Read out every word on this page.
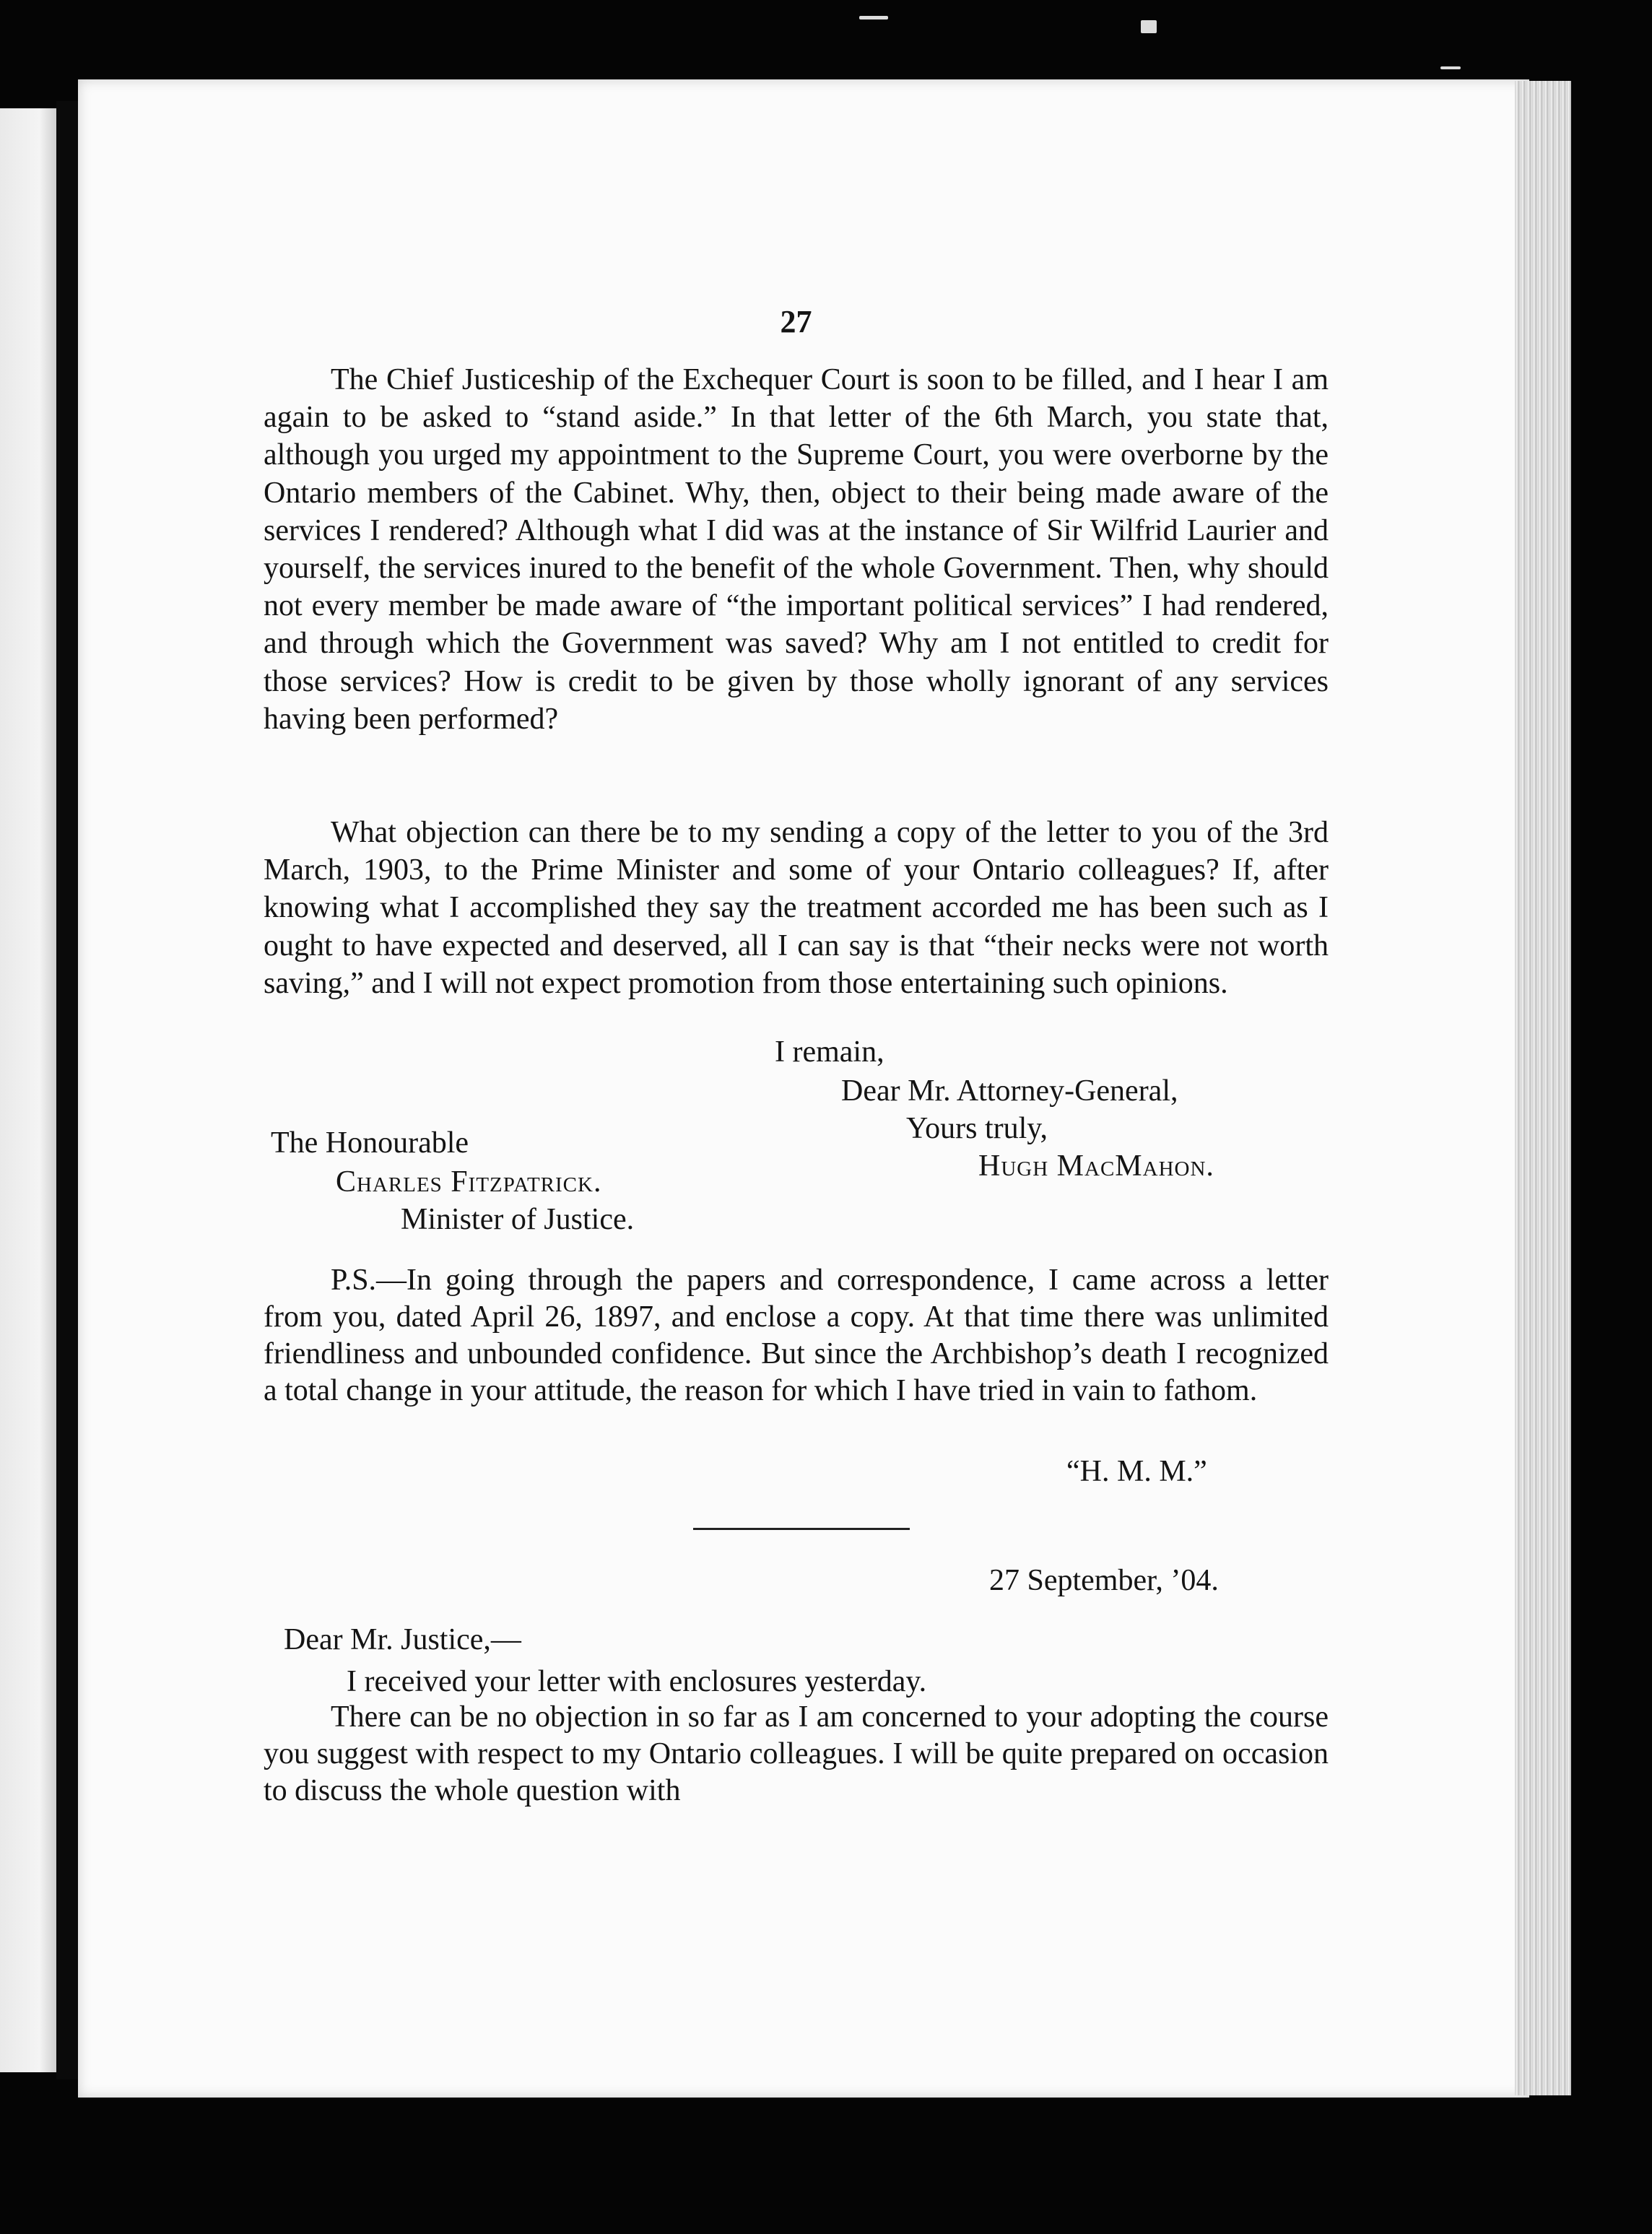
27

The Chief Justiceship of the Exchequer Court is soon to be filled, and I hear I am again to be asked to “stand aside.” In that letter of the 6th March, you state that, although you urged my appointment to the Supreme Court, you were overborne by the Ontario members of the Cabinet. Why, then, object to their being made aware of the services I rendered? Although what I did was at the instance of Sir Wilfrid Laurier and yourself, the services inured to the benefit of the whole Government. Then, why should not every member be made aware of “the important political services” I had rendered, and through which the Government was saved? Why am I not entitled to credit for those services? How is credit to be given by those wholly ignorant of any services having been performed?

What objection can there be to my sending a copy of the letter to you of the 3rd March, 1903, to the Prime Minister and some of your Ontario colleagues? If, after knowing what I accomplished they say the treatment accorded me has been such as I ought to have expected and deserved, all I can say is that “their necks were not worth saving,” and I will not expect promotion from those entertaining such opinions.

I remain,
Dear Mr. Attorney-General,
Yours truly,
Hugh MacMahon.
The Honourable
Charles Fitzpatrick.
Minister of Justice.

P.S.—In going through the papers and correspondence, I came across a letter from you, dated April 26, 1897, and enclose a copy. At that time there was unlimited friendliness and unbounded confidence. But since the Archbishop’s death I recognized a total change in your attitude, the reason for which I have tried in vain to fathom.

“H. M. M.”
27 September, ’04.
Dear Mr. Justice,—
I received your letter with enclosures yesterday.

There can be no objection in so far as I am concerned to your adopting the course you suggest with respect to my Ontario colleagues. I will be quite prepared on occasion to discuss the whole question with
